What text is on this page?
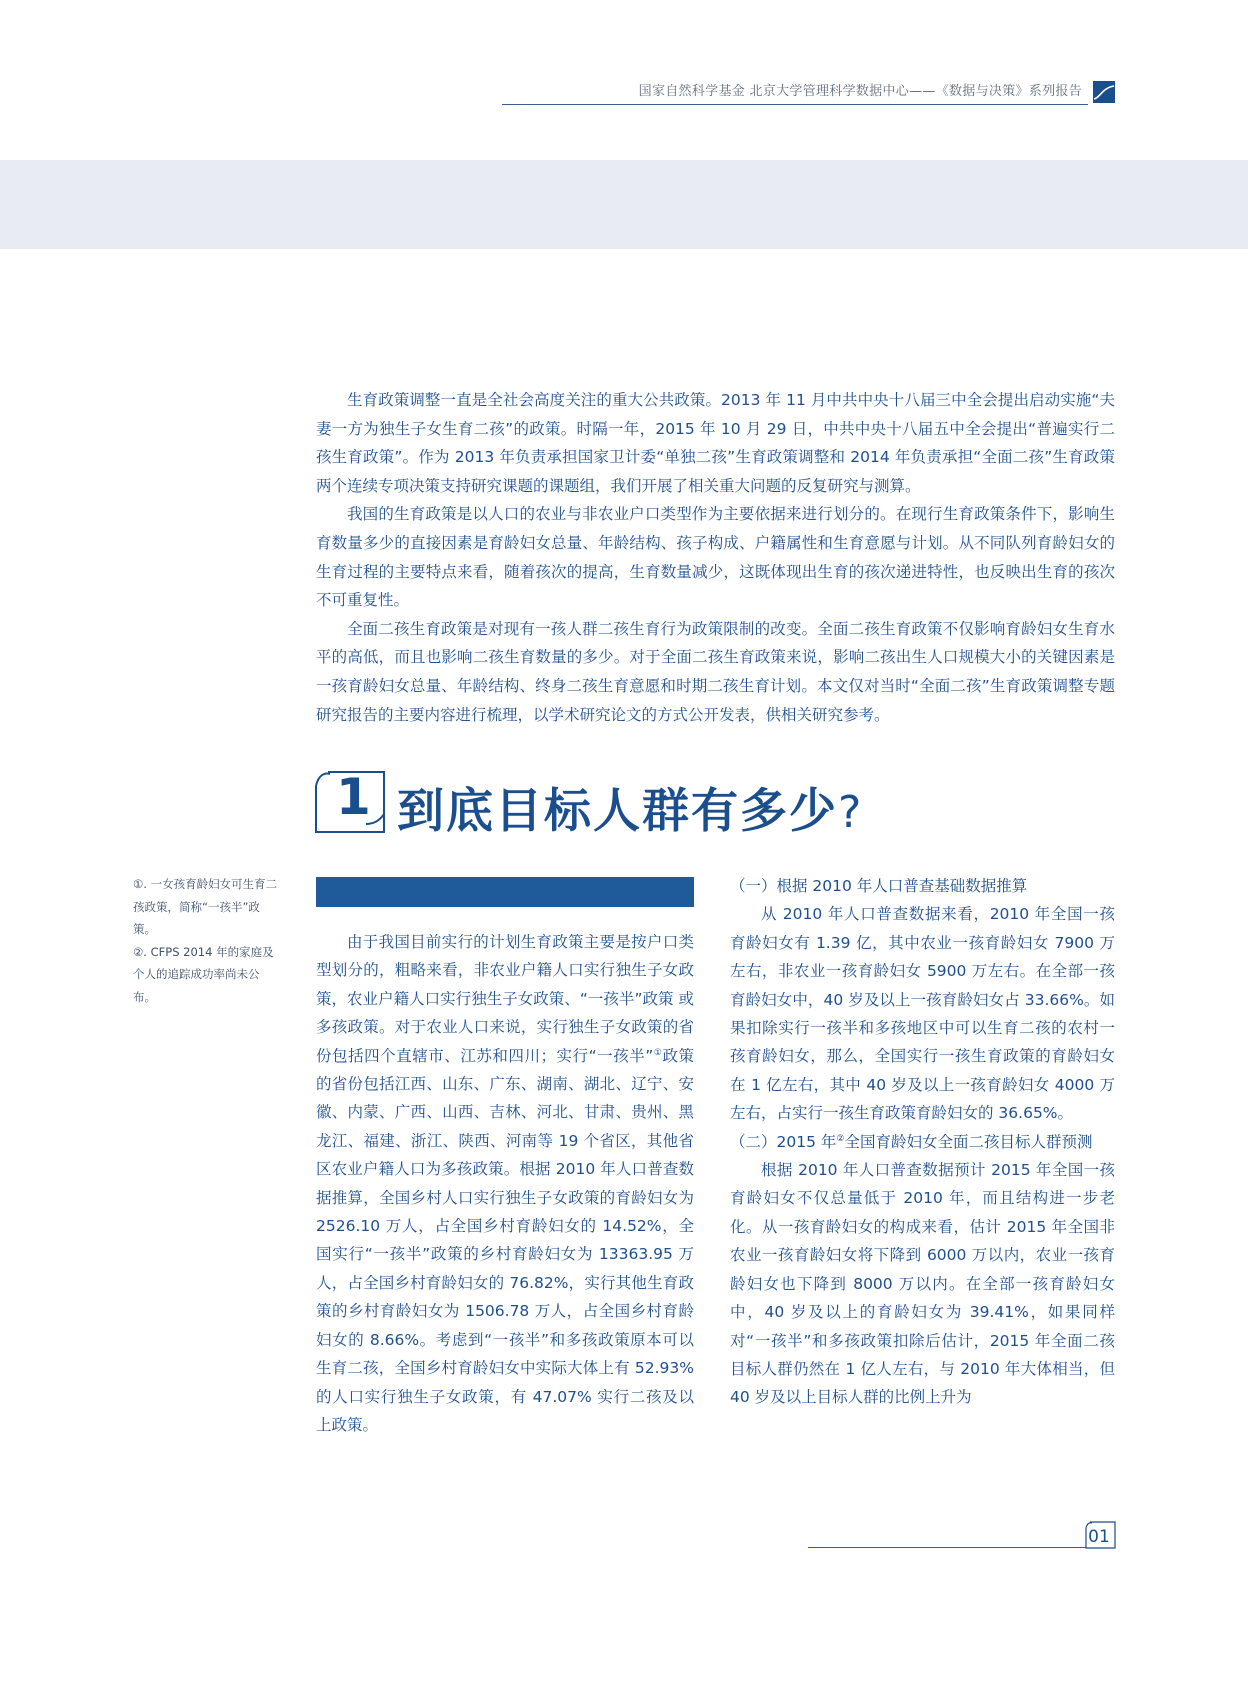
国家自然科学基金 北京大学管理科学数据中心——《数据与决策》系列报告

生育政策调整一直是全社会高度关注的重大公共政策。2013 年 11 月中共中央十八届三中全会提出启动实施“夫妻一方为独生子女生育二孩”的政策。时隔一年，2015 年 10 月 29 日，中共中央十八届五中全会提出“普遍实行二孩生育政策”。作为 2013 年负责承担国家卫计委“单独二孩”生育政策调整和 2014 年负责承担“全面二孩”生育政策两个连续专项决策支持研究课题的课题组，我们开展了相关重大问题的反复研究与测算。

我国的生育政策是以人口的农业与非农业户口类型作为主要依据来进行划分的。在现行生育政策条件下，影响生育数量多少的直接因素是育龄妇女总量、年龄结构、孩子构成、户籍属性和生育意愿与计划。从不同队列育龄妇女的生育过程的主要特点来看，随着孩次的提高，生育数量减少，这既体现出生育的孩次递进特性，也反映出生育的孩次不可重复性。

全面二孩生育政策是对现有一孩人群二孩生育行为政策限制的改变。全面二孩生育政策不仅影响育龄妇女生育水平的高低，而且也影响二孩生育数量的多少。对于全面二孩生育政策来说，影响二孩出生人口规模大小的关键因素是一孩育龄妇女总量、年龄结构、终身二孩生育意愿和时期二孩生育计划。本文仅对当时“全面二孩”生育政策调整专题研究报告的主要内容进行梳理，以学术研究论文的方式公开发表，供相关研究参考。

1 到底目标人群有多少?

①. 一女孩育龄妇女可生育二孩政策，简称“一孩半”政策。

②. CFPS 2014 年的家庭及个人的追踪成功率尚未公布。

由于我国目前实行的计划生育政策主要是按户口类型划分的，粗略来看，非农业户籍人口实行独生子女政策，农业户籍人口实行独生子女政策、“一孩半”政策 或多孩政策。对于农业人口来说，实行独生子女政策的省份包括四个直辖市、江苏和四川；实行“一孩半”①政策的省份包括江西、山东、广东、湖南、湖北、辽宁、安徽、内蒙、广西、山西、吉林、河北、甘肃、贵州、黑龙江、福建、浙江、陕西、河南等 19 个省区，其他省区农业户籍人口为多孩政策。根据 2010 年人口普查数据推算，全国乡村人口实行独生子女政策的育龄妇女为 2526.10 万人，占全国乡村育龄妇女的 14.52%，全国实行“一孩半”政策的乡村育龄妇女为 13363.95 万人，占全国乡村育龄妇女的 76.82%，实行其他生育政策的乡村育龄妇女为 1506.78 万人，占全国乡村育龄妇女的 8.66%。考虑到“一孩半”和多孩政策原本可以生育二孩，全国乡村育龄妇女中实际大体上有 52.93% 的人口实行独生子女政策，有 47.07% 实行二孩及以上政策。

（一）根据 2010 年人口普查基础数据推算

从 2010 年人口普查数据来看，2010 年全国一孩育龄妇女有 1.39 亿，其中农业一孩育龄妇女 7900 万左右，非农业一孩育龄妇女 5900 万左右。在全部一孩育龄妇女中，40 岁及以上一孩育龄妇女占 33.66%。如果扣除实行一孩半和多孩地区中可以生育二孩的农村一孩育龄妇女，那么，全国实行一孩生育政策的育龄妇女在 1 亿左右，其中 40 岁及以上一孩育龄妇女 4000 万左右，占实行一孩生育政策育龄妇女的 36.65%。

（二）2015 年②全国育龄妇女全面二孩目标人群预测

根据 2010 年人口普查数据预计 2015 年全国一孩育龄妇女不仅总量低于 2010 年，而且结构进一步老化。从一孩育龄妇女的构成来看，估计 2015 年全国非农业一孩育龄妇女将下降到 6000 万以内，农业一孩育龄妇女也下降到 8000 万以内。在全部一孩育龄妇女中，40 岁及以上的育龄妇女为 39.41%，如果同样对“一孩半”和多孩政策扣除后估计，2015 年全面二孩目标人群仍然在 1 亿人左右，与 2010 年大体相当，但 40 岁及以上目标人群的比例上升为

01
